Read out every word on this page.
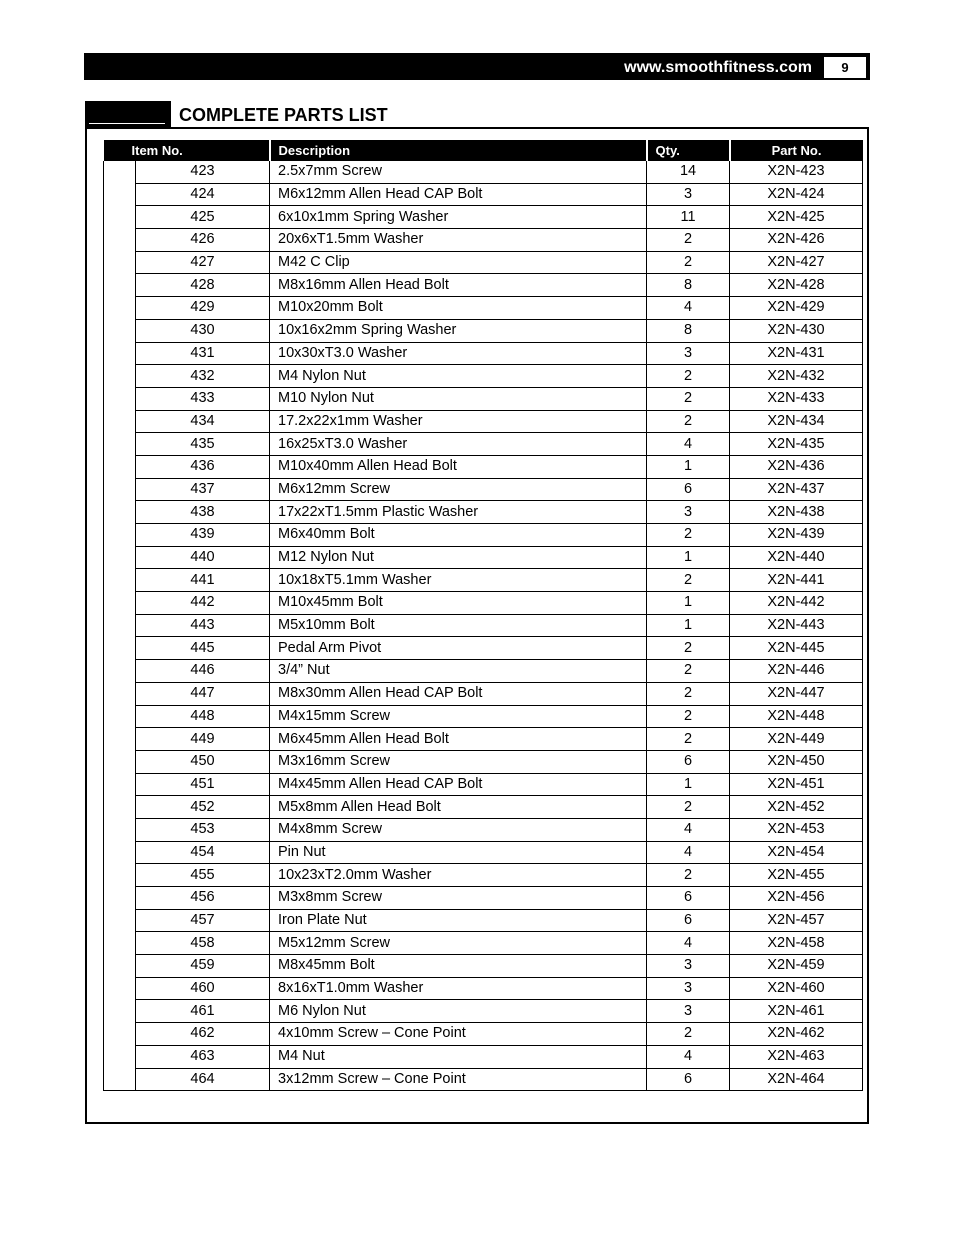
www.smoothfitness.com	9
COMPLETE PARTS LIST
Item No.		Description	Qty.	Part No.
	423	2.5x7mm Screw	14	X2N-423
	424	M6x12mm Allen Head CAP Bolt	3	X2N-424
	425	6x10x1mm Spring Washer	11	X2N-425
	426	20x6xT1.5mm Washer	2	X2N-426
	427	M42 C Clip	2	X2N-427
	428	M8x16mm Allen Head Bolt	8	X2N-428
	429	M10x20mm Bolt	4	X2N-429
	430	10x16x2mm Spring Washer	8	X2N-430
	431	10x30xT3.0 Washer	3	X2N-431
	432	M4 Nylon Nut	2	X2N-432
	433	M10 Nylon Nut	2	X2N-433
	434	17.2x22x1mm Washer	2	X2N-434
	435	16x25xT3.0 Washer	4	X2N-435
	436	M10x40mm Allen Head Bolt	1	X2N-436
	437	M6x12mm Screw	6	X2N-437
	438	17x22xT1.5mm Plastic Washer	3	X2N-438
	439	M6x40mm Bolt	2	X2N-439
	440	M12 Nylon Nut	1	X2N-440
	441	10x18xT5.1mm Washer	2	X2N-441
	442	M10x45mm Bolt	1	X2N-442
	443	M5x10mm Bolt	1	X2N-443
	445	Pedal Arm Pivot	2	X2N-445
	446	3/4” Nut	2	X2N-446
	447	M8x30mm Allen Head CAP Bolt	2	X2N-447
	448	M4x15mm Screw	2	X2N-448
	449	M6x45mm Allen Head Bolt	2	X2N-449
	450	M3x16mm Screw	6	X2N-450
	451	M4x45mm Allen Head CAP Bolt	1	X2N-451
	452	M5x8mm Allen Head Bolt	2	X2N-452
	453	M4x8mm Screw	4	X2N-453
	454	Pin Nut	4	X2N-454
	455	10x23xT2.0mm Washer	2	X2N-455
	456	M3x8mm Screw	6	X2N-456
	457	Iron Plate Nut	6	X2N-457
	458	M5x12mm Screw	4	X2N-458
	459	M8x45mm Bolt	3	X2N-459
	460	8x16xT1.0mm Washer	3	X2N-460
	461	M6 Nylon Nut	3	X2N-461
	462	4x10mm Screw – Cone Point	2	X2N-462
	463	M4 Nut	4	X2N-463
	464	3x12mm Screw – Cone Point	6	X2N-464
